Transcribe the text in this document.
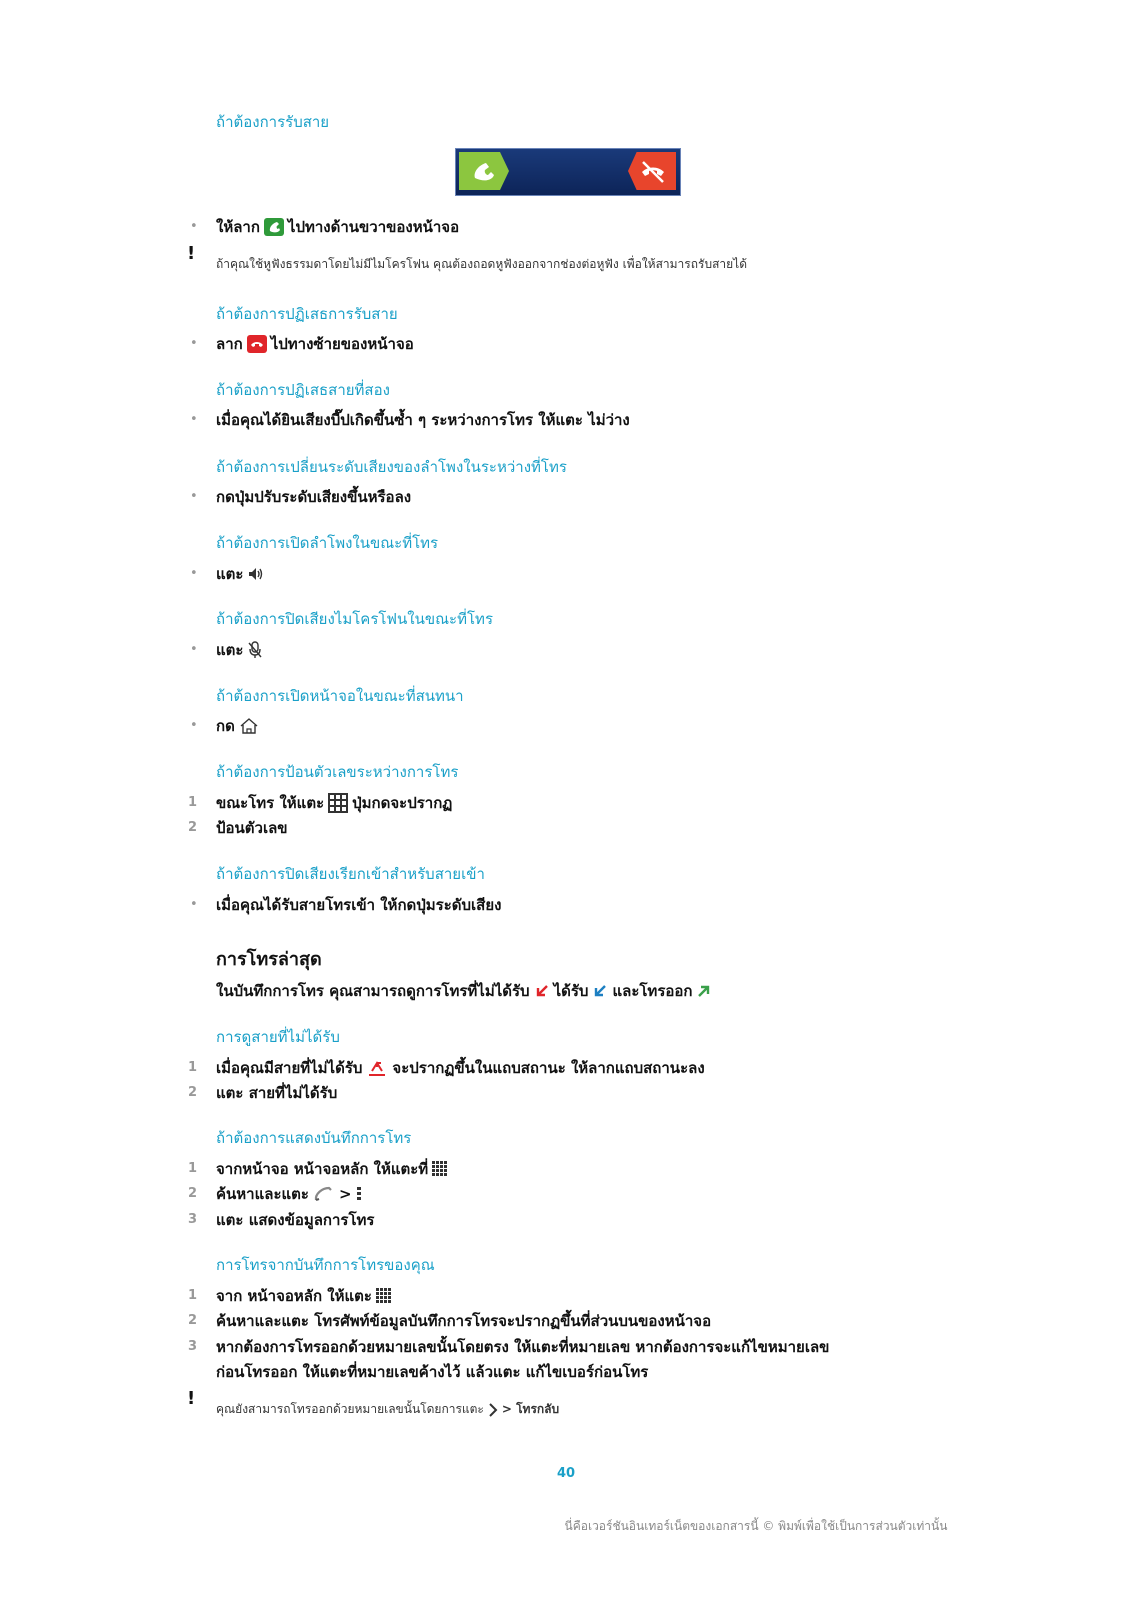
ถ้าต้องการรับสาย
• ให้ลาก ไปทางด้านขวาของหน้าจอ
! ถ้าคุณใช้หูฟังธรรมดาโดยไม่มีไมโครโฟน คุณต้องถอดหูฟังออกจากช่องต่อหูฟัง เพื่อให้สามารถรับสายได้
ถ้าต้องการปฏิเสธการรับสาย
• ลาก ไปทางซ้ายของหน้าจอ
ถ้าต้องการปฏิเสธสายที่สอง
• เมื่อคุณได้ยินเสียงบี๊ปเกิดขึ้นซ้ำ ๆ ระหว่างการโทร ให้แตะ ไม่ว่าง
ถ้าต้องการเปลี่ยนระดับเสียงของลำโพงในระหว่างที่โทร
• กดปุ่มปรับระดับเสียงขึ้นหรือลง
ถ้าต้องการเปิดลำโพงในขณะที่โทร
• แตะ
ถ้าต้องการปิดเสียงไมโครโฟนในขณะที่โทร
• แตะ
ถ้าต้องการเปิดหน้าจอในขณะที่สนทนา
• กด
ถ้าต้องการป้อนตัวเลขระหว่างการโทร
1 ขณะโทร ให้แตะ ปุ่มกดจะปรากฏ
2 ป้อนตัวเลข
ถ้าต้องการปิดเสียงเรียกเข้าสำหรับสายเข้า
• เมื่อคุณได้รับสายโทรเข้า ให้กดปุ่มระดับเสียง
การโทรล่าสุด
ในบันทึกการโทร คุณสามารถดูการโทรที่ไม่ได้รับ ได้รับ และโทรออก
การดูสายที่ไม่ได้รับ
1 เมื่อคุณมีสายที่ไม่ได้รับ จะปรากฏขึ้นในแถบสถานะ ให้ลากแถบสถานะลง
2 แตะ สายที่ไม่ได้รับ
ถ้าต้องการแสดงบันทึกการโทร
1 จากหน้าจอ หน้าจอหลัก ให้แตะที่
2 ค้นหาและแตะ >
3 แตะ แสดงข้อมูลการโทร
การโทรจากบันทึกการโทรของคุณ
1 จาก หน้าจอหลัก ให้แตะ
2 ค้นหาและแตะ โทรศัพท์ข้อมูลบันทึกการโทรจะปรากฏขึ้นที่ส่วนบนของหน้าจอ
3 หากต้องการโทรออกด้วยหมายเลขนั้นโดยตรง ให้แตะที่หมายเลข หากต้องการจะแก้ไขหมายเลข
ก่อนโทรออก ให้แตะที่หมายเลขค้างไว้ แล้วแตะ แก้ไขเบอร์ก่อนโทร
! คุณยังสามารถโทรออกด้วยหมายเลขนั้นโดยการแตะ > โทรกลับ
40
นี่คือเวอร์ชันอินเทอร์เน็ตของเอกสารนี้ © พิมพ์เพื่อใช้เป็นการส่วนตัวเท่านั้น
